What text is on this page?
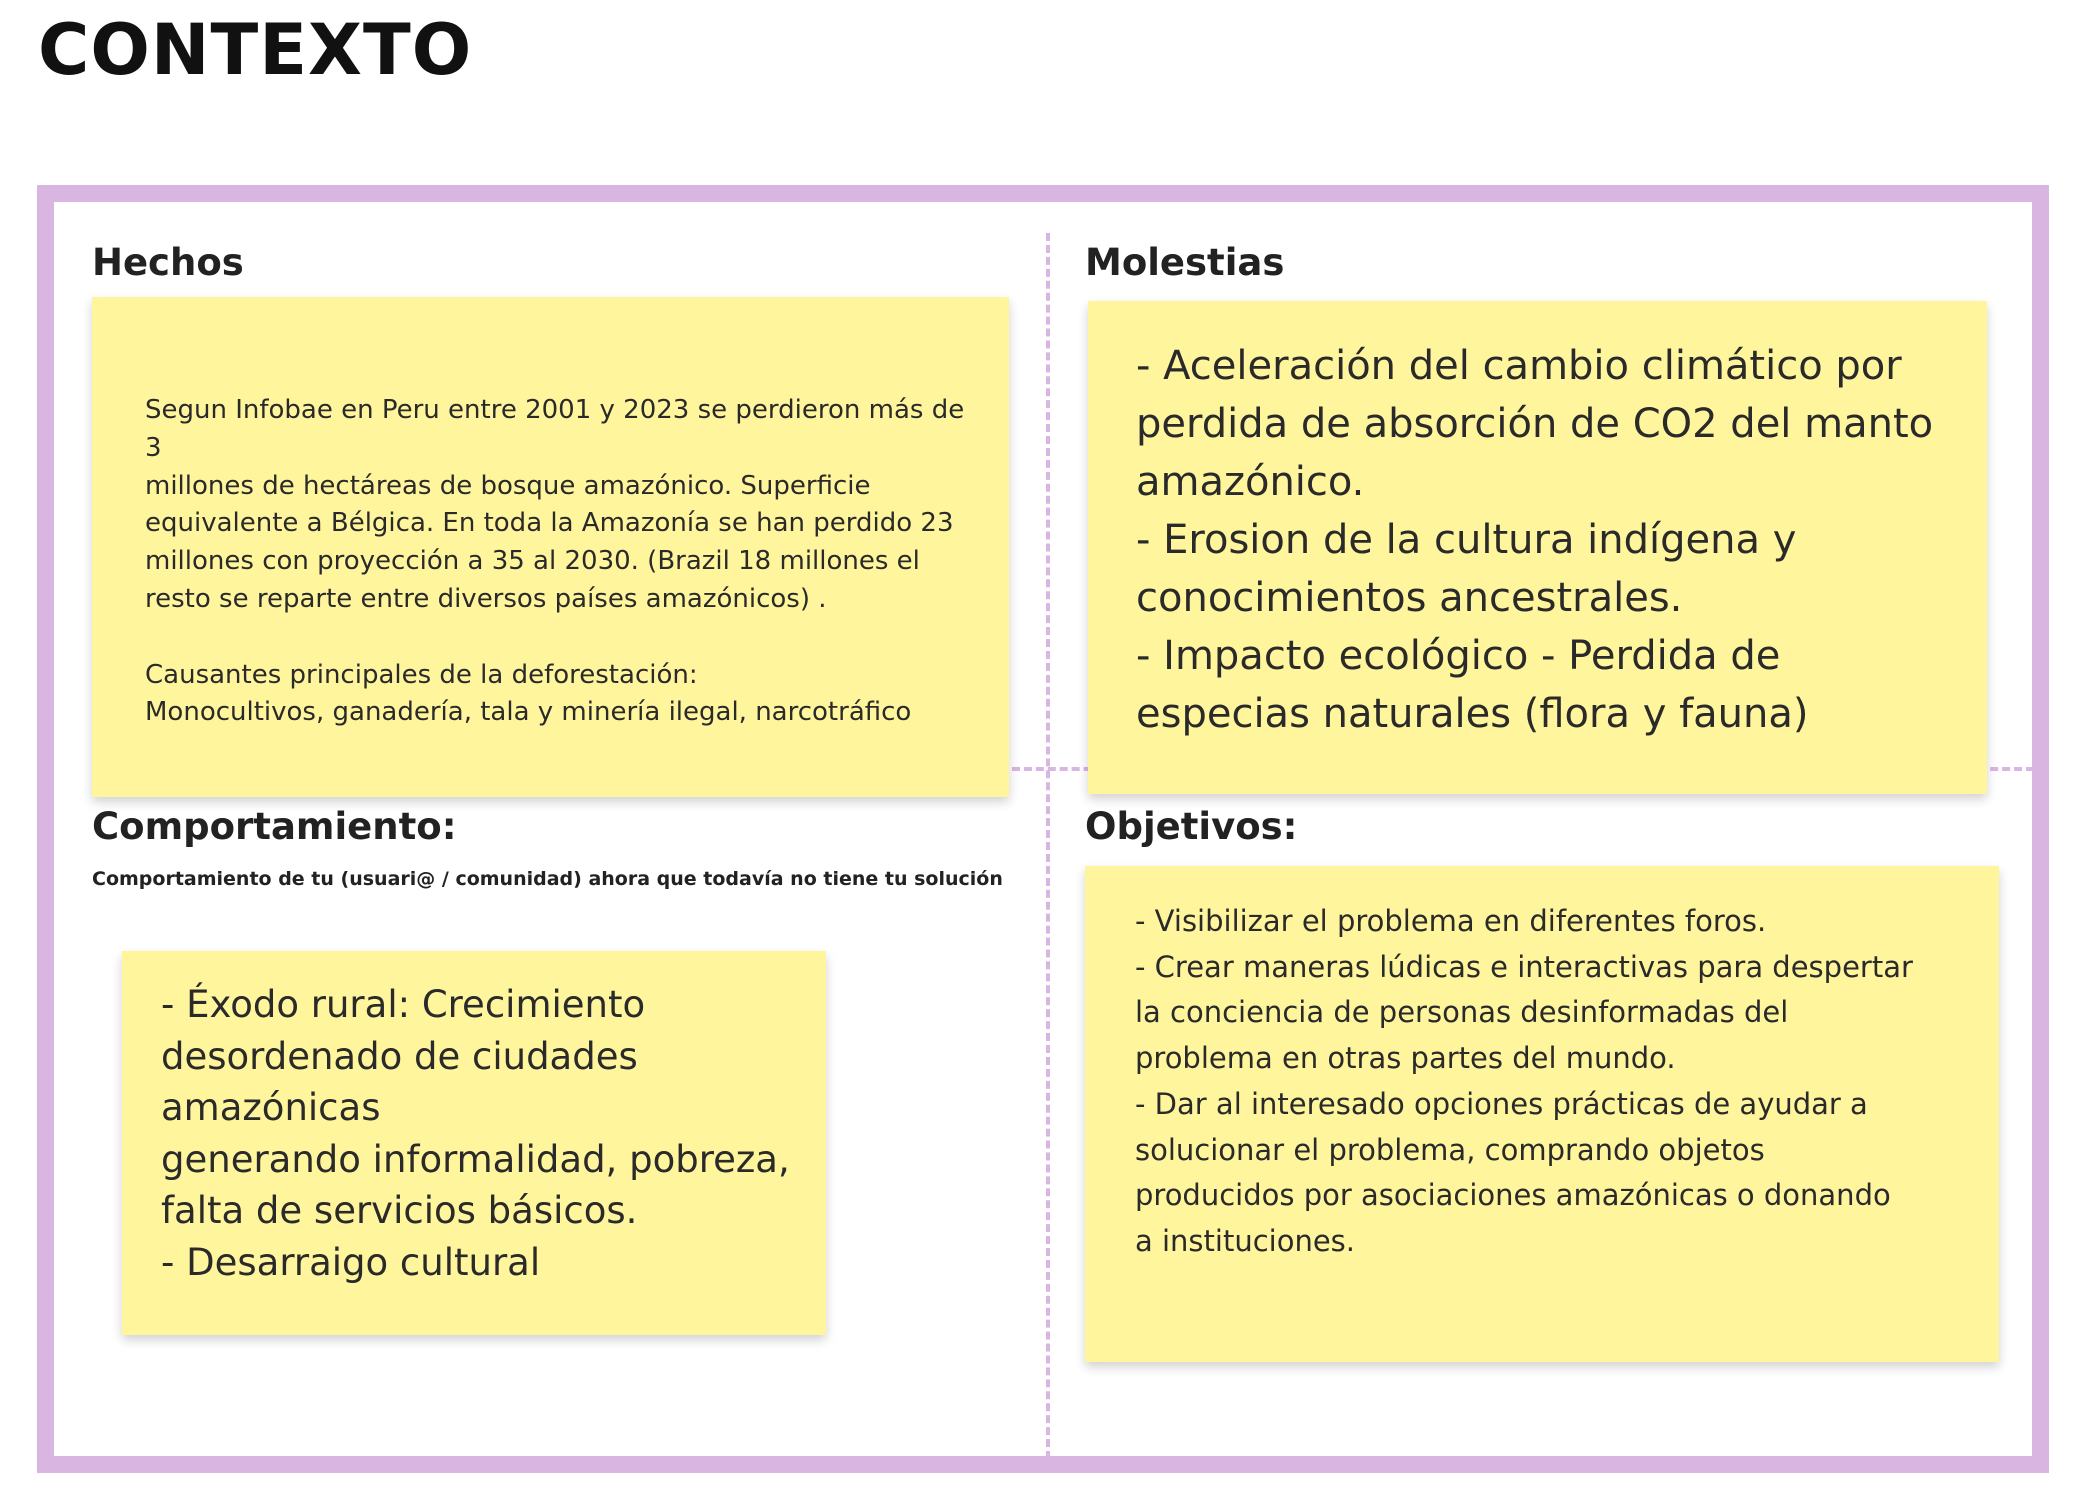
CONTEXTO
Hechos
Segun Infobae en Peru entre 2001 y 2023 se perdieron más de 3
millones de hectáreas de bosque amazónico. Superficie
equivalente a Bélgica. En toda la Amazonía se han perdido 23
millones con proyección a 35 al 2030. (Brazil 18 millones el
resto se reparte entre diversos países amazónicos) .

Causantes principales de la deforestación:
Monocultivos, ganadería, tala y minería ilegal, narcotráfico
Molestias
- Aceleración del cambio climático por
perdida de absorción de CO2 del manto
amazónico.
- Erosion de la cultura indígena y
conocimientos ancestrales.
- Impacto ecológico - Perdida de
especias naturales (flora y fauna)
Comportamiento:
Comportamiento de tu (usuari@ / comunidad) ahora que todavía no tiene tu solución
- Éxodo rural: Crecimiento
desordenado de ciudades
amazónicas
generando informalidad, pobreza,
falta de servicios básicos.
- Desarraigo cultural
Objetivos:
- Visibilizar el problema en diferentes foros.
- Crear maneras lúdicas e interactivas para despertar
la conciencia de personas desinformadas del
problema en otras partes del mundo.
- Dar al interesado opciones prácticas de ayudar a
solucionar el problema, comprando objetos
producidos por asociaciones amazónicas o donando
a instituciones.
